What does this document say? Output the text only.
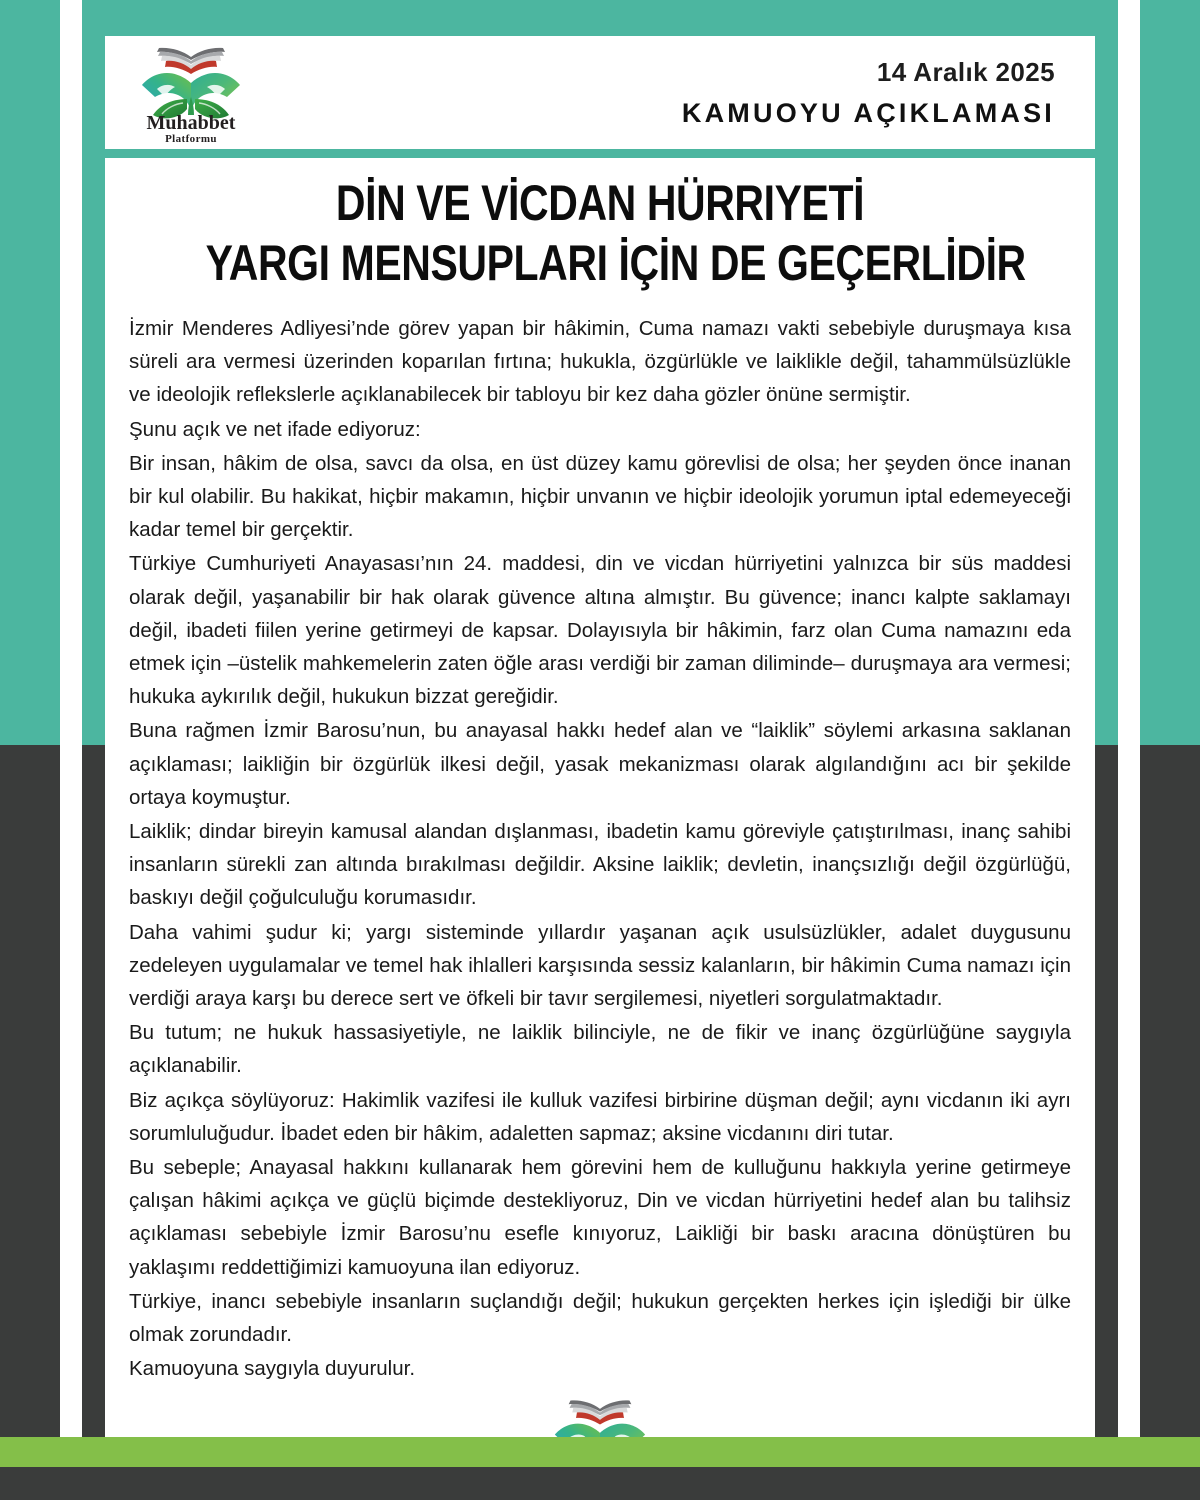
Muhabbet
Platformu
14 Aralık 2025
KAMUOYU AÇIKLAMASI
DİN VE VİCDAN HÜRRIYETİ
YARGI MENSUPLARI İÇİN DE GEÇERLİDİR

İzmir Menderes Adliyesi’nde görev yapan bir hâkimin, Cuma namazı vakti sebebiyle duruşmaya kısa süreli ara vermesi üzerinden koparılan fırtına; hukukla, özgürlükle ve laiklikle değil, tahammülsüzlükle ve ideolojik reflekslerle açıklanabilecek bir tabloyu bir kez daha gözler önüne sermiştir.

Şunu açık ve net ifade ediyoruz:

Bir insan, hâkim de olsa, savcı da olsa, en üst düzey kamu görevlisi de olsa; her şeyden önce inanan bir kul olabilir. Bu hakikat, hiçbir makamın, hiçbir unvanın ve hiçbir ideolojik yorumun iptal edemeyeceği kadar temel bir gerçektir.

Türkiye Cumhuriyeti Anayasası’nın 24. maddesi, din ve vicdan hürriyetini yalnızca bir süs maddesi olarak değil, yaşanabilir bir hak olarak güvence altına almıştır. Bu güvence; inancı kalpte saklamayı değil, ibadeti fiilen yerine getirmeyi de kapsar. Dolayısıyla bir hâkimin, farz olan Cuma namazını eda etmek için –üstelik mahkemelerin zaten öğle arası verdiği bir zaman diliminde– duruşmaya ara vermesi; hukuka aykırılık değil, hukukun bizzat gereğidir.

Buna rağmen İzmir Barosu’nun, bu anayasal hakkı hedef alan ve “laiklik” söylemi arkasına saklanan açıklaması; laikliğin bir özgürlük ilkesi değil, yasak mekanizması olarak algılandığını acı bir şekilde ortaya koymuştur.

Laiklik; dindar bireyin kamusal alandan dışlanması, ibadetin kamu göreviyle çatıştırılması, inanç sahibi insanların sürekli zan altında bırakılması değildir. Aksine laiklik; devletin, inançsızlığı değil özgürlüğü, baskıyı değil çoğulculuğu korumasıdır.

Daha vahimi şudur ki; yargı sisteminde yıllardır yaşanan açık usulsüzlükler, adalet duygusunu zedeleyen uygulamalar ve temel hak ihlalleri karşısında sessiz kalanların, bir hâkimin Cuma namazı için verdiği araya karşı bu derece sert ve öfkeli bir tavır sergilemesi, niyetleri sorgulatmaktadır.

Bu tutum; ne hukuk hassasiyetiyle, ne laiklik bilinciyle, ne de fikir ve inanç özgürlüğüne saygıyla açıklanabilir.

Biz açıkça söylüyoruz: Hakimlik vazifesi ile kulluk vazifesi birbirine düşman değil; aynı vicdanın iki ayrı sorumluluğudur. İbadet eden bir hâkim, adaletten sapmaz; aksine vicdanını diri tutar.

Bu sebeple; Anayasal hakkını kullanarak hem görevini hem de kulluğunu hakkıyla yerine getirmeye çalışan hâkimi açıkça ve güçlü biçimde destekliyoruz, Din ve vicdan hürriyetini hedef alan bu talihsiz açıklaması sebebiyle İzmir Barosu’nu esefle kınıyoruz, Laikliği bir baskı aracına dönüştüren bu yaklaşımı reddettiğimizi kamuoyuna ilan ediyoruz.

Türkiye, inancı sebebiyle insanların suçlandığı değil; hukukun gerçekten herkes için işlediği bir ülke olmak zorundadır.

Kamuoyuna saygıyla duyurulur.
